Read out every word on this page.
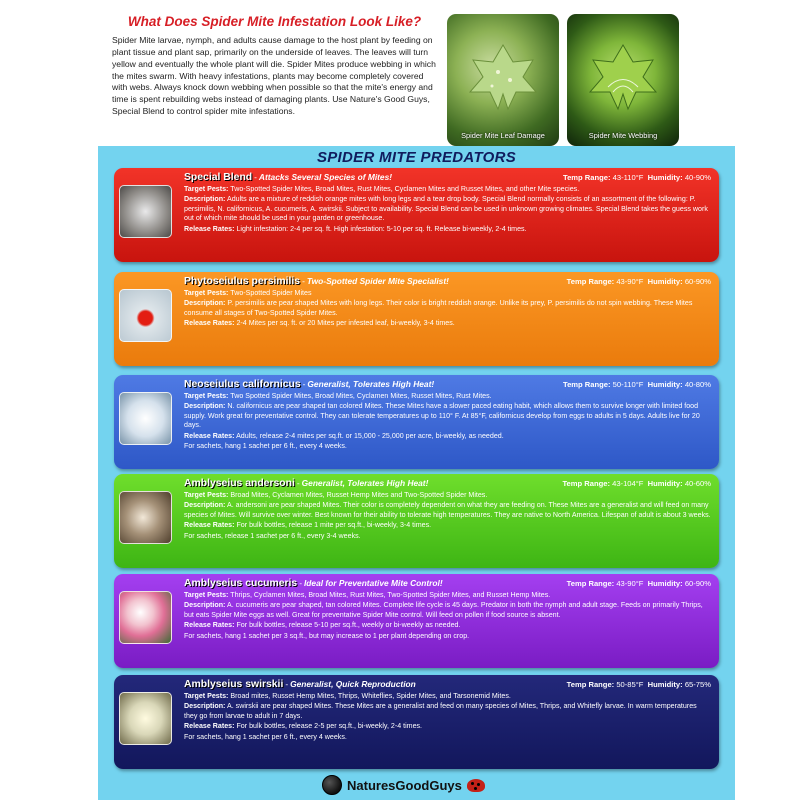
What Does Spider Mite Infestation Look Like?

Spider Mite larvae, nymph, and adults cause damage to the host plant by feeding on plant tissue and plant sap, primarily on the underside of leaves. The leaves will turn yellow and eventually the whole plant will die. Spider Mites produce webbing in which the mites swarm. With heavy infestations, plants may become completely covered with webs. Always knock down webbing when possible so that the mite's energy and time is spent rebuilding webs instead of damaging plants. Use Nature's Good Guys, Special Blend to control spider mite infestations.

Spider Mite Leaf Damage	Spider Mite Webbing
SPIDER MITE PREDATORS
Special Blend - Attacks Several Species of Mites!	Temp Range: 43-110°F Humidity: 40-90%
Target Pests: Two-Spotted Spider Mites, Broad Mites, Rust Mites, Cyclamen Mites and Russet Mites, and other Mite species.
Description: Adults are a mixture of reddish orange mites with long legs and a tear drop body. Special Blend normally consists of an assortment of the following: P. persimilis, N. californicus, A. cucumeris, A. swirskii. Subject to availability. Special Blend can be used in unknown growing climates. Special Blend takes the guess work out of which mite should be used in your garden or greenhouse.
Release Rates: Light infestation: 2-4 per sq. ft. High infestation: 5-10 per sq. ft. Release bi-weekly, 2-4 times.
Phytoseiulus persimilis - Two-Spotted Spider Mite Specialist!	Temp Range: 43-90°F Humidity: 60-90%
Target Pests: Two-Spotted Spider Mites
Description: P. persimilis are pear shaped Mites with long legs. Their color is bright reddish orange. Unlike its prey, P. persimilis do not spin webbing. These Mites consume all stages of Two-Spotted Spider Mites.
Release Rates: 2-4 Mites per sq. ft. or 20 Mites per infested leaf, bi-weekly, 3-4 times.
Neoseiulus californicus - Generalist, Tolerates High Heat!	Temp Range: 50-110°F Humidity: 40-80%
Target Pests: Two Spotted Spider Mites, Broad Mites, Cyclamen Mites, Russet Mites, Rust Mites.
Description: N. californicus are pear shaped tan colored Mites. These Mites have a slower paced eating habit, which allows them to survive longer with limited food supply. Work great for preventative control. They can tolerate temperatures up to 110° F. At 85°F, californicus develop from eggs to adults in 5 days. Adults live for 20 days.
Release Rates: Adults, release 2-4 mites per sq.ft. or 15,000 - 25,000 per acre, bi-weekly, as needed.
For sachets, hang 1 sachet per 6 ft., every 4 weeks.
Amblyseius andersoni - Generalist, Tolerates High Heat!	Temp Range: 43-104°F Humidity: 40-60%
Target Pests: Broad Mites, Cyclamen Mites, Russet Hemp Mites and Two-Spotted Spider Mites.
Description: A. andersoni are pear shaped Mites. Their color is completely dependent on what they are feeding on. These Mites are a generalist and will feed on many species of Mites. Will survive over winter. Best known for their ability to tolerate high temperatures. They are native to North America. Lifespan of adult is about 3 weeks.
Release Rates: For bulk bottles, release 1 mite per sq.ft., bi-weekly, 3-4 times.
For sachets, release 1 sachet per 6 ft., every 3-4 weeks.
Amblyseius cucumeris - Ideal for Preventative Mite Control!	Temp Range: 43-90°F Humidity: 60-90%
Target Pests: Thrips, Cyclamen Mites, Broad Mites, Rust Mites, Two-Spotted Spider Mites, and Russet Hemp Mites.
Description: A. cucumeris are pear shaped, tan colored Mites. Complete life cycle is 45 days. Predator in both the nymph and adult stage. Feeds on primarily Thrips, but eats Spider Mite eggs as well. Great for preventative Spider Mite control. Will feed on pollen if food source is absent.
Release Rates: For bulk bottles, release 5-10 per sq.ft., weekly or bi-weekly as needed.
For sachets, hang 1 sachet per 3 sq.ft., but may increase to 1 per plant depending on crop.
Amblyseius swirskii - Generalist, Quick Reproduction	Temp Range: 50-85°F Humidity: 65-75%
Target Pests: Broad mites, Russet Hemp Mites, Thrips, Whiteflies, Spider Mites, and Tarsonemid Mites.
Description: A. swirskii are pear shaped Mites. These Mites are a generalist and feed on many species of Mites, Thrips, and Whitefly larvae. In warm temperatures they go from larvae to adult in 7 days.
Release Rates: For bulk bottles, release 2-5 per sq.ft., bi-weekly, 2-4 times.
For sachets, hang 1 sachet per 6 ft., every 4 weeks.
NaturesGoodGuys
